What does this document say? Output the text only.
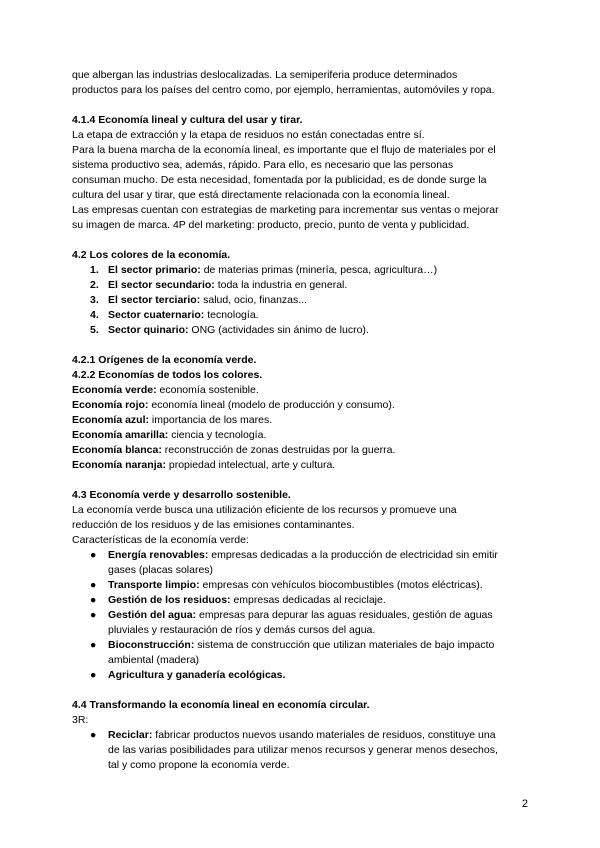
que albergan las industrias deslocalizadas. La semiperiferia produce determinados

productos para los países del centro como, por ejemplo, herramientas, automóviles y ropa.

4.1.4 Economía lineal y cultura del usar y tirar.

La etapa de extracción y la etapa de residuos no están conectadas entre sí.

Para la buena marcha de la economía lineal, es importante que el flujo de materiales por el

sistema productivo sea, además, rápido. Para ello, es necesario que las personas

consuman mucho. De esta necesidad, fomentada por la publicidad, es de donde surge la

cultura del usar y tirar, que está directamente relacionada con la economía lineal.

Las empresas cuentan con estrategias de marketing para incrementar sus ventas o mejorar

su imagen de marca. 4P del marketing: producto, precio, punto de venta y publicidad.

4.2 Los colores de la economía.

1. El sector primario: de materias primas (minería, pesca, agricultura…)
2. El sector secundario: toda la industria en general.
3. El sector terciario: salud, ocio, finanzas...
4. Sector cuaternario: tecnología.
5. Sector quinario: ONG (actividades sin ánimo de lucro).

4.2.1 Orígenes de la economía verde.

4.2.2 Economías de todos los colores.

Economía verde: economía sostenible.

Economía rojo: economía lineal (modelo de producción y consumo).

Economía azul: importancia de los mares.

Economía amarilla: ciencia y tecnología.

Economía blanca: reconstrucción de zonas destruidas por la guerra.

Economía naranja: propiedad intelectual, arte y cultura.

4.3 Economía verde y desarrollo sostenible.

La economía verde busca una utilización eficiente de los recursos y promueve una

reducción de los residuos y de las emisiones contaminantes.

Características de la economía verde:

● Energía renovables: empresas dedicadas a la producción de electricidad sin emitir
gases (placas solares)
● Transporte limpio: empresas con vehículos biocombustibles (motos eléctricas).
● Gestión de los residuos: empresas dedicadas al reciclaje.
● Gestión del agua: empresas para depurar las aguas residuales, gestión de aguas
pluviales y restauración de ríos y demás cursos del agua.
● Bioconstrucción: sistema de construcción que utilizan materiales de bajo impacto
ambiental (madera)
● Agricultura y ganadería ecológicas.

4.4 Transformando la economía lineal en economía circular.

3R:

● Reciclar: fabricar productos nuevos usando materiales de residuos, constituye una
de las varias posibilidades para utilizar menos recursos y generar menos desechos,
tal y como propone la economía verde.
2
